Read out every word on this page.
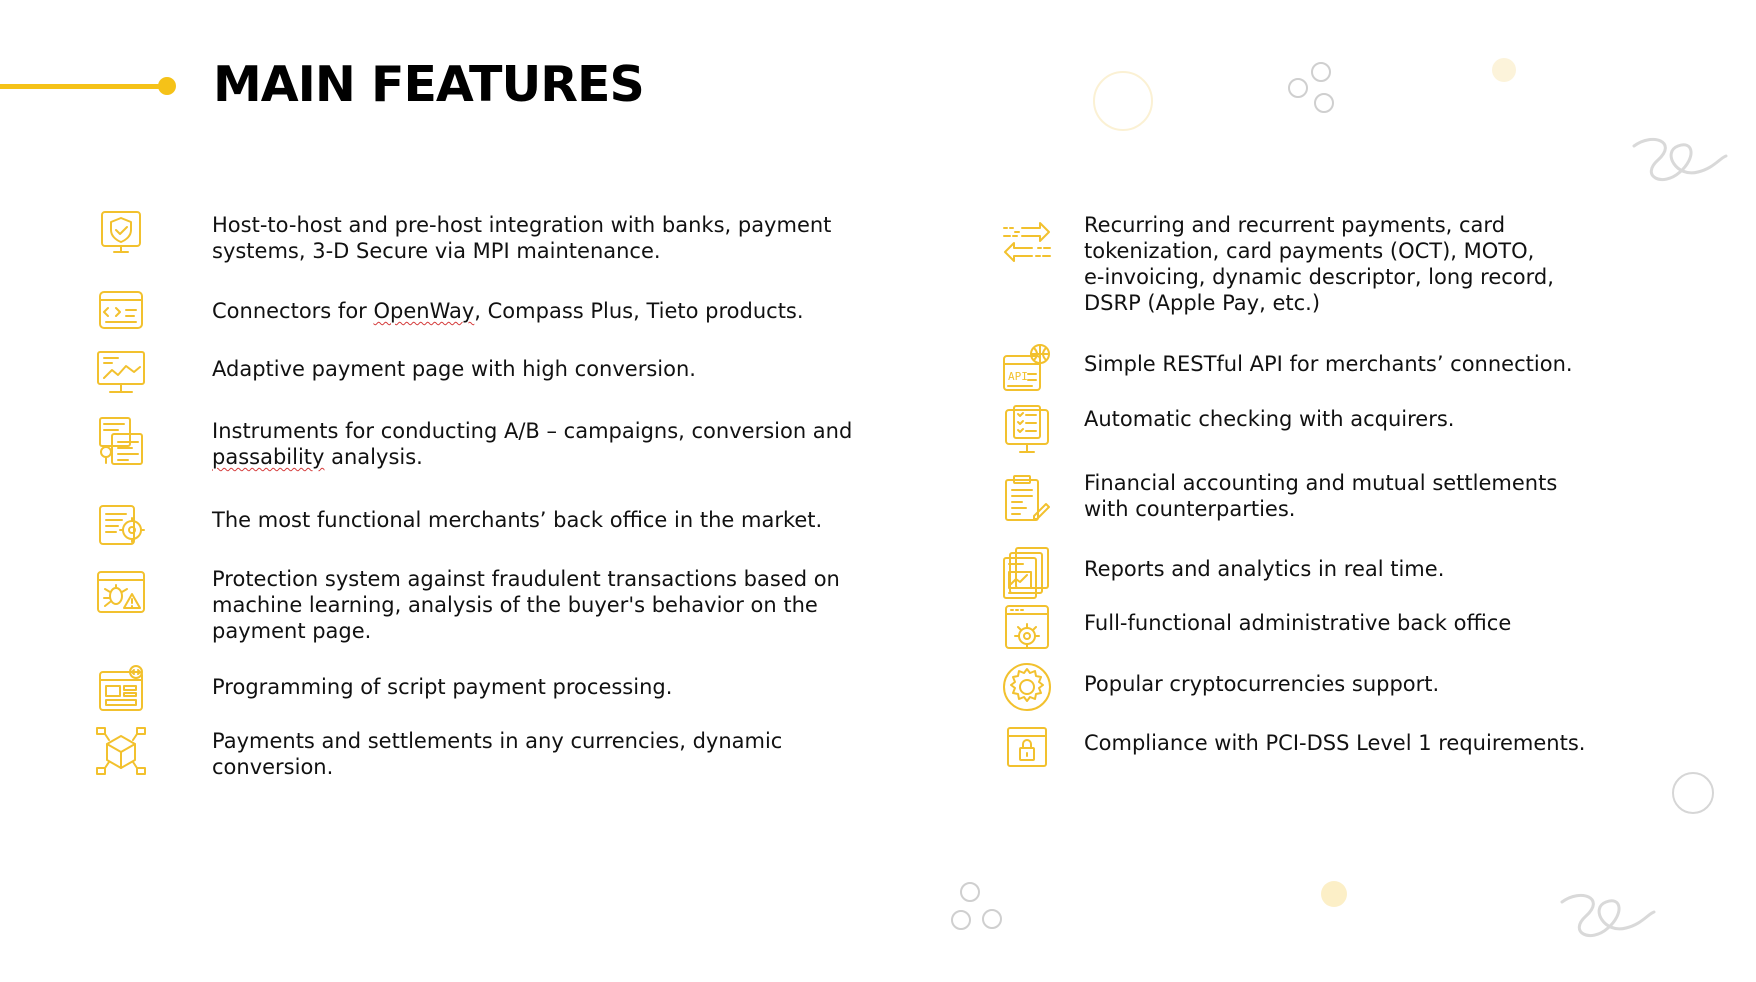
MAIN FEATURES
Host-to-host and pre-host integration with banks, payment
systems, 3-D Secure via MPI maintenance.
Connectors for OpenWay, Compass Plus, Tieto products.
Adaptive payment page with high conversion.
Instruments for conducting A/B – campaigns, conversion and
passability analysis.
The most functional merchants’ back office in the market.
Protection system against fraudulent transactions based on
machine learning, analysis of the buyer's behavior on the
payment page.
Programming of script payment processing.
Payments and settlements in any currencies, dynamic
conversion.
Recurring and recurrent payments, card
tokenization, card payments (OCT), MOTO,
e-invoicing, dynamic descriptor, long record,
DSRP (Apple Pay, etc.)
API
Simple RESTful API for merchants’ connection.
Automatic checking with acquirers.
Financial accounting and mutual settlements
with counterparties.
Reports and analytics in real time.
Full-functional administrative back office
Popular cryptocurrencies support.
Compliance with PCI-DSS Level 1 requirements.
